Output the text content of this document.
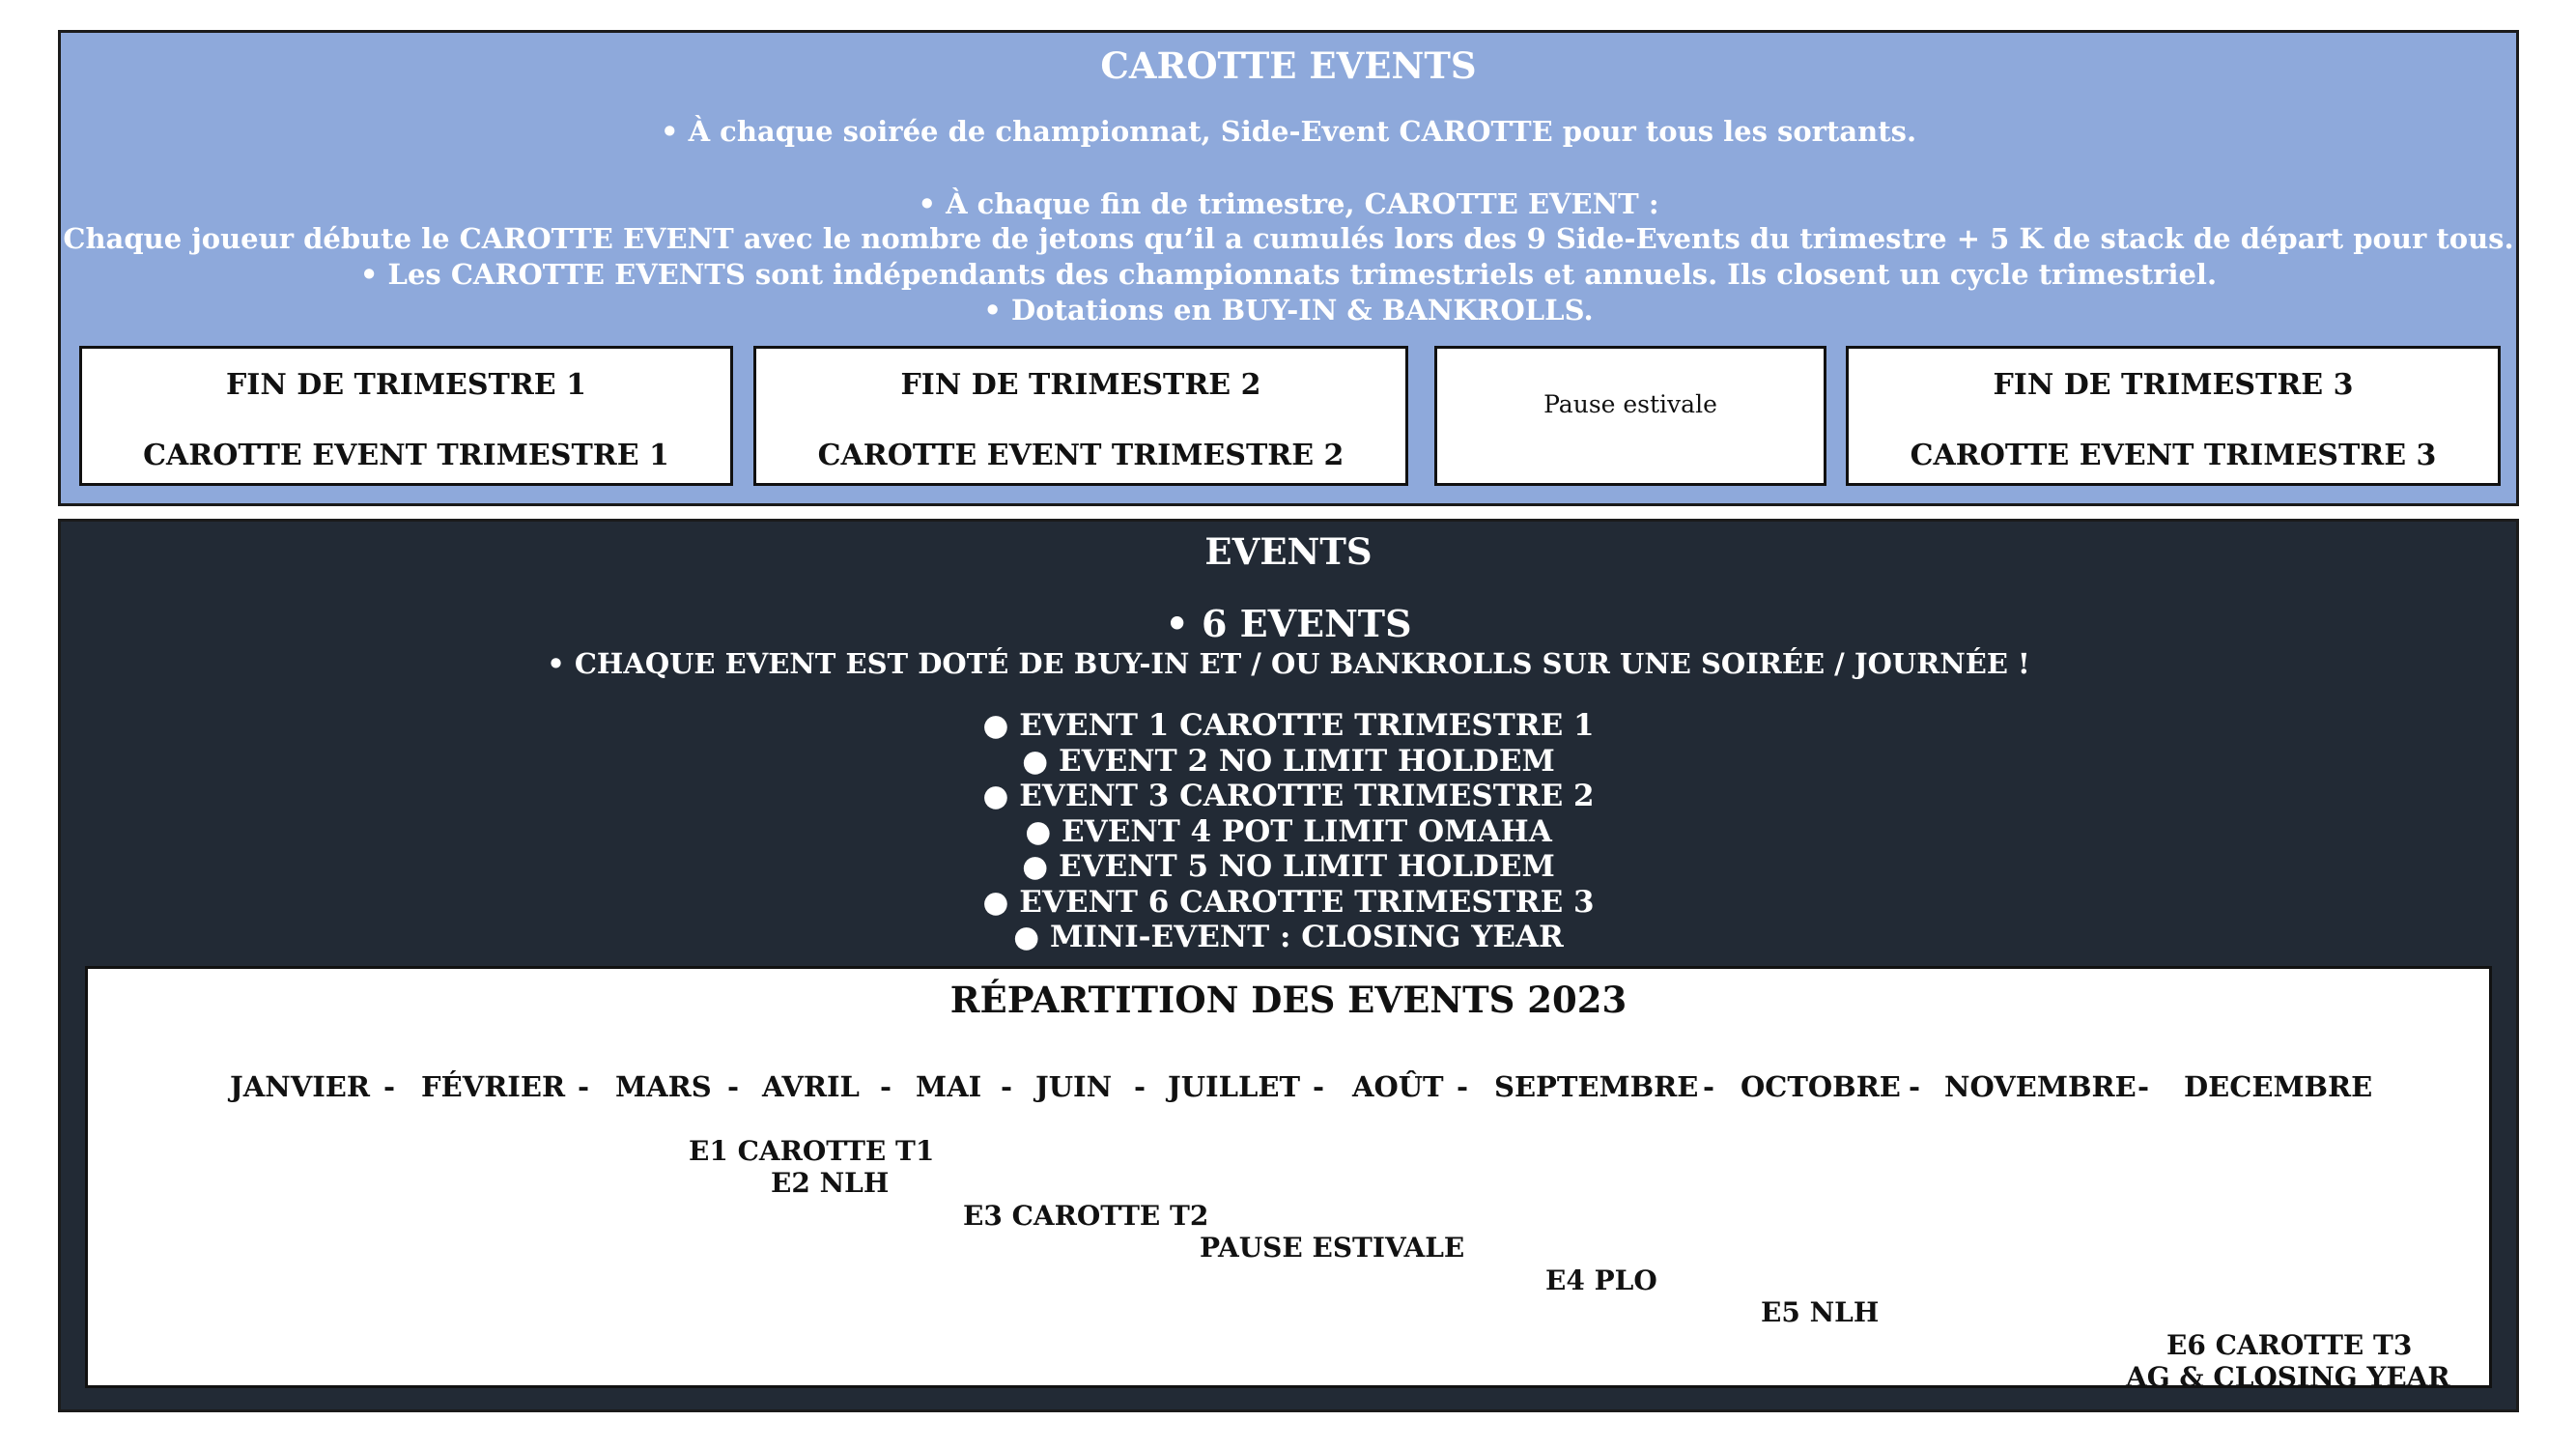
CAROTTE EVENTS
• À chaque soirée de championnat, Side-Event CAROTTE pour tous les sortants.
• À chaque fin de trimestre, CAROTTE EVENT :
Chaque joueur débute le CAROTTE EVENT avec le nombre de jetons qu’il a cumulés lors des 9 Side-Events du trimestre + 5 K de stack de départ pour tous.
• Les CAROTTE EVENTS sont indépendants des championnats trimestriels et annuels. Ils closent un cycle trimestriel.
• Dotations en BUY-IN & BANKROLLS.
FIN DE TRIMESTRE 1
CAROTTE EVENT TRIMESTRE 1
FIN DE TRIMESTRE 2
CAROTTE EVENT TRIMESTRE 2
Pause estivale
FIN DE TRIMESTRE 3
CAROTTE EVENT TRIMESTRE 3
EVENTS
• 6 EVENTS
• CHAQUE EVENT EST DOTÉ DE BUY-IN ET / OU BANKROLLS SUR UNE SOIRÉE / JOURNÉE !
● EVENT 1 CAROTTE TRIMESTRE 1
● EVENT 2 NO LIMIT HOLDEM
● EVENT 3 CAROTTE TRIMESTRE 2
● EVENT 4 POT LIMIT OMAHA
● EVENT 5 NO LIMIT HOLDEM
● EVENT 6 CAROTTE TRIMESTRE 3
● MINI-EVENT : CLOSING YEAR
RÉPARTITION DES EVENTS 2023
JANVIER - FÉVRIER - MARS - AVRIL - MAI - JUIN - JUILLET - AOÛT - SEPTEMBRE - OCTOBRE - NOVEMBRE - DECEMBRE
E1 CAROTTE T1
E2 NLH
E3 CAROTTE T2
PAUSE ESTIVALE
E4 PLO
E5 NLH
E6 CAROTTE T3
AG & CLOSING YEAR
